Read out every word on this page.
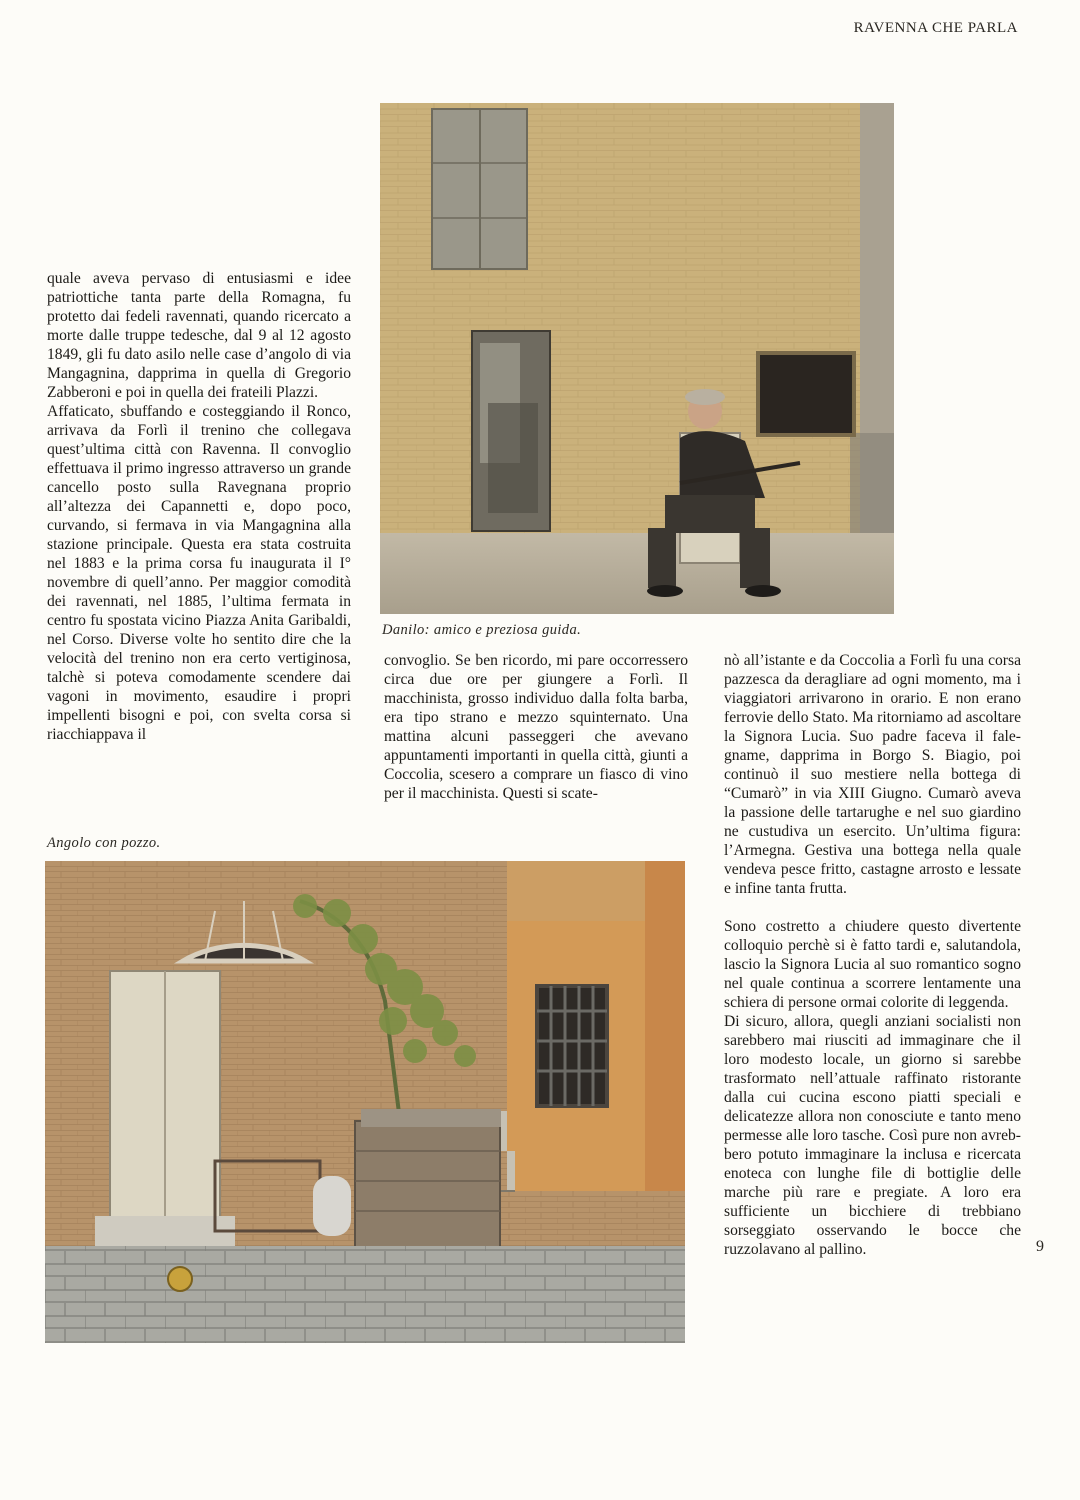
RAVENNA CHE PARLA
Danilo: amico e preziosa guida.

quale aveva pervaso di entusiasmi e idee patriottiche tanta parte della Romagna, fu protetto dai fedeli ravennati, quando ricercato a morte dalle truppe tedesche, dal 9 al 12 agosto 1849, gli fu dato asilo nelle case d’angolo di via Mangagnina, dapprima in quella di Gregorio Zabberoni e poi in quella dei frateili Plazzi.

Affaticato, sbuffando e costeggiando il Ronco, arrivava da Forlì il trenino che collegava quest’ultima città con Ravenna. Il convoglio effettuava il primo ingresso attraverso un grande cancello posto sulla Ravegnana proprio all’altezza dei Capannetti e, dopo poco, curvando, si fermava in via Mangagnina alla stazione principale. Questa era stata costruita nel 1883 e la prima corsa fu inaugurata il I° novembre di quell’anno. Per maggior comodità dei ravennati, nel 1885, l’ultima fermata in centro fu spostata vicino Piazza Anita Garibaldi, nel Corso. Diverse volte ho sentito dire che la velocità del trenino non era certo vertiginosa, talchè si poteva comodamente scendere dai vagoni in movimento, esaudire i propri impellenti bisogni e poi, con svelta corsa si riacchiappava il

convoglio. Se ben ricordo, mi pare occorressero circa due ore per giungere a Forlì. Il macchinista, grosso individuo dalla folta barba, era tipo strano e mezzo squinternato. Una mattina alcuni passeggeri che avevano appuntamenti importanti in quella città, giunti a Coccolia, scesero a comprare un fiasco di vino per il macchinista. Questi si scate-

nò all’istante e da Coccolia a Forlì fu una corsa pazzesca da deragliare ad ogni momento, ma i viaggiatori arrivarono in orario. E non erano ferrovie dello Stato. Ma ritorniamo ad ascoltare la Signora Lucia. Suo padre faceva il falegname, dapprima in Borgo S. Biagio, poi continuò il suo mestiere nella bottega di “Cumarò” in via XIII Giugno. Cumarò aveva la passione delle tartarughe e nel suo giardino ne custudiva un esercito. Un’ultima figura: l’Armegna. Gestiva una bottega nella quale vendeva pesce fritto, castagne arrosto e lessate e infine tanta frutta.

Sono costretto a chiudere questo divertente colloquio perchè si è fatto tardi e, salutandola, lascio la Signora Lucia al suo romantico sogno nel quale continua a scorrere lentamente una schiera di persone ormai colorite di leggenda.

Di sicuro, allora, quegli anziani socialisti non sarebbero mai riusciti ad immaginare che il loro modesto locale, un giorno si sarebbe trasformato nell’attuale raffinato ristorante dalla cui cucina escono piatti speciali e delicatezze allora non conosciute e tanto meno permesse alle loro tasche. Così pure non avrebbero potuto immaginare la inclusa e ricercata enoteca con lunghe file di bottiglie delle marche più rare e pregiate. A loro era sufficiente un bicchiere di trebbiano sorseggiato osservando le bocce che ruzzolavano al pallino.

Angolo con pozzo.
9
